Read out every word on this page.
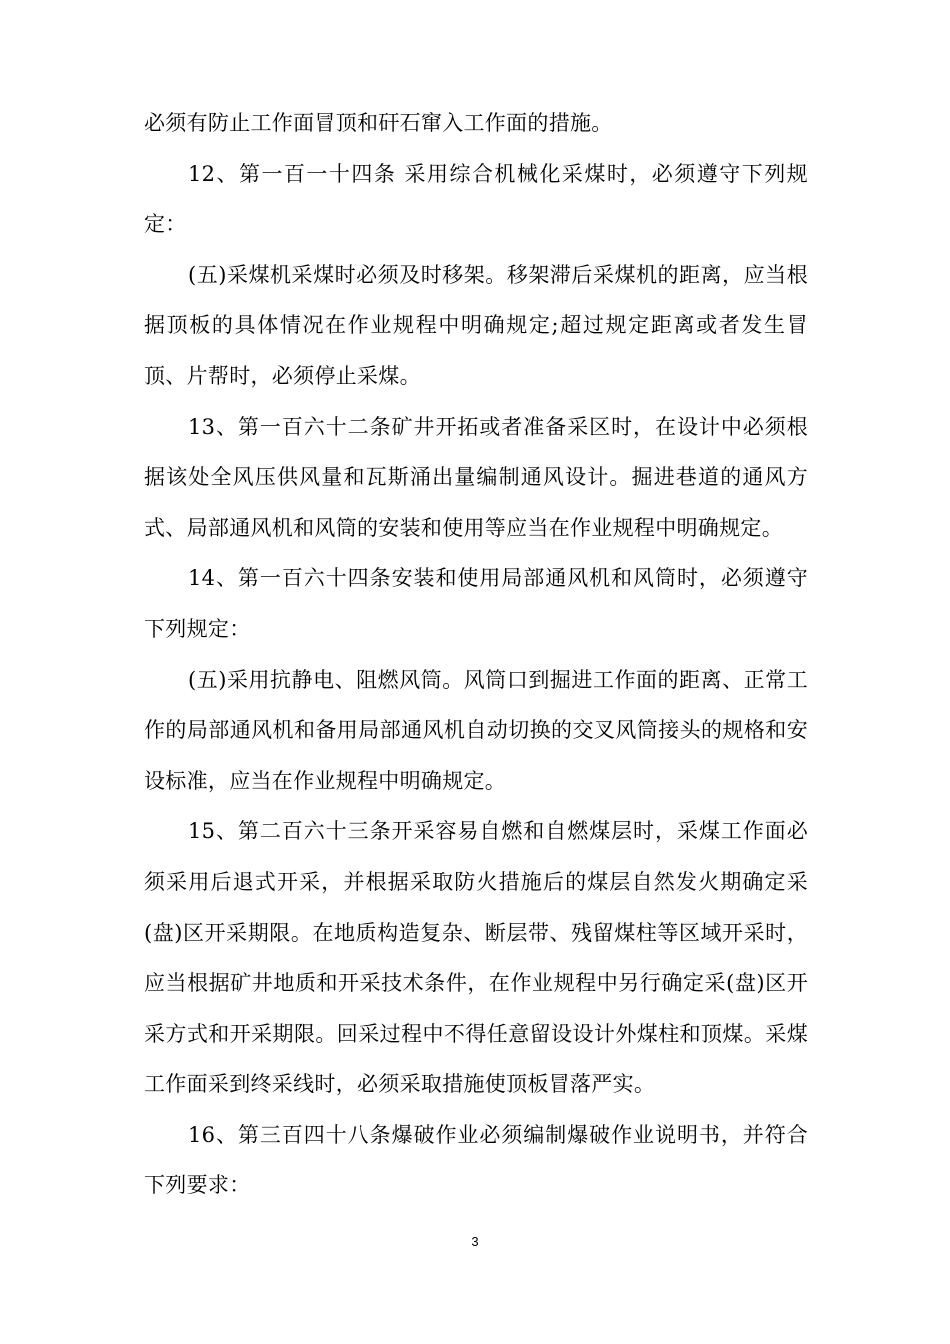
必须有防止工作面冒顶和矸石窜入工作面的措施。

12、第一百一十四条 采用综合机械化采煤时，必须遵守下列规定：

(五)采煤机采煤时必须及时移架。移架滞后采煤机的距离，应当根据顶板的具体情况在作业规程中明确规定;超过规定距离或者发生冒顶、片帮时，必须停止采煤。

13、第一百六十二条矿井开拓或者准备采区时，在设计中必须根据该处全风压供风量和瓦斯涌出量编制通风设计。掘进巷道的通风方式、局部通风机和风筒的安装和使用等应当在作业规程中明确规定。

14、第一百六十四条安装和使用局部通风机和风筒时，必须遵守下列规定：

(五)采用抗静电、阻燃风筒。风筒口到掘进工作面的距离、正常工作的局部通风机和备用局部通风机自动切换的交叉风筒接头的规格和安设标准，应当在作业规程中明确规定。

15、第二百六十三条开采容易自燃和自燃煤层时，采煤工作面必须采用后退式开采，并根据采取防火措施后的煤层自然发火期确定采(盘)区开采期限。在地质构造复杂、断层带、残留煤柱等区域开采时，应当根据矿井地质和开采技术条件，在作业规程中另行确定采(盘)区开采方式和开采期限。回采过程中不得任意留设设计外煤柱和顶煤。采煤工作面采到终采线时，必须采取措施使顶板冒落严实。

16、第三百四十八条爆破作业必须编制爆破作业说明书，并符合下列要求：

3
